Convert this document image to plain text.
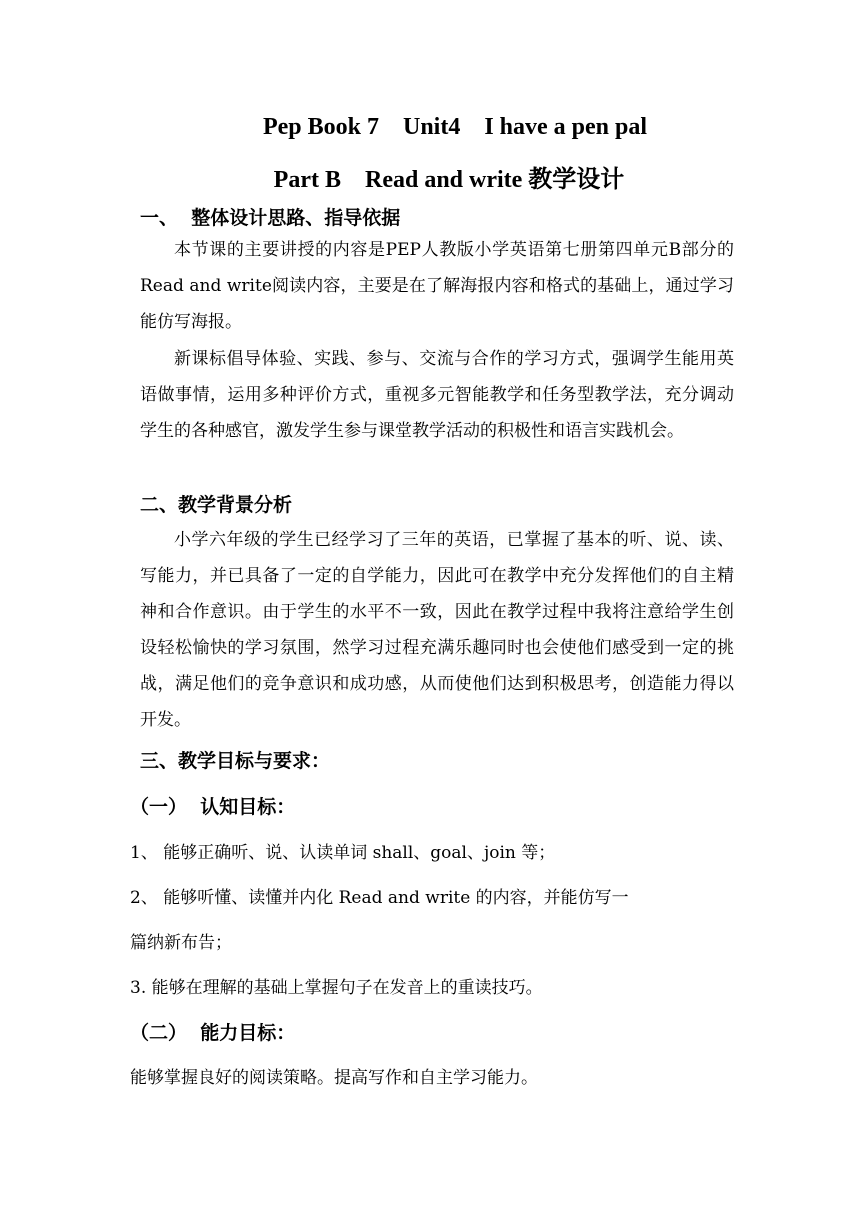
Pep Book 7    Unit4    I have a pen pal
Part B    Read and write 教学设计
一、  整体设计思路、指导依据
本节课的主要讲授的内容是PEP人教版小学英语第七册第四单元B部分的Read and write阅读内容，主要是在了解海报内容和格式的基础上，通过学习能仿写海报。
新课标倡导体验、实践、参与、交流与合作的学习方式，强调学生能用英语做事情，运用多种评价方式，重视多元智能教学和任务型教学法，充分调动学生的各种感官，激发学生参与课堂教学活动的积极性和语言实践机会。
二、教学背景分析
小学六年级的学生已经学习了三年的英语，已掌握了基本的听、说、读、写能力，并已具备了一定的自学能力，因此可在教学中充分发挥他们的自主精神和合作意识。由于学生的水平不一致，因此在教学过程中我将注意给学生创设轻松愉快的学习氛围，然学习过程充满乐趣同时也会使他们感受到一定的挑战，满足他们的竞争意识和成功感，从而使他们达到积极思考，创造能力得以开发。
三、教学目标与要求：
（一）  认知目标：
1、 能够正确听、说、认读单词 shall、goal、join 等；
2、 能够听懂、读懂并内化 Read and write 的内容，并能仿写一
篇纳新布告；
3. 能够在理解的基础上掌握句子在发音上的重读技巧。
（二）  能力目标：
能够掌握良好的阅读策略。提高写作和自主学习能力。
